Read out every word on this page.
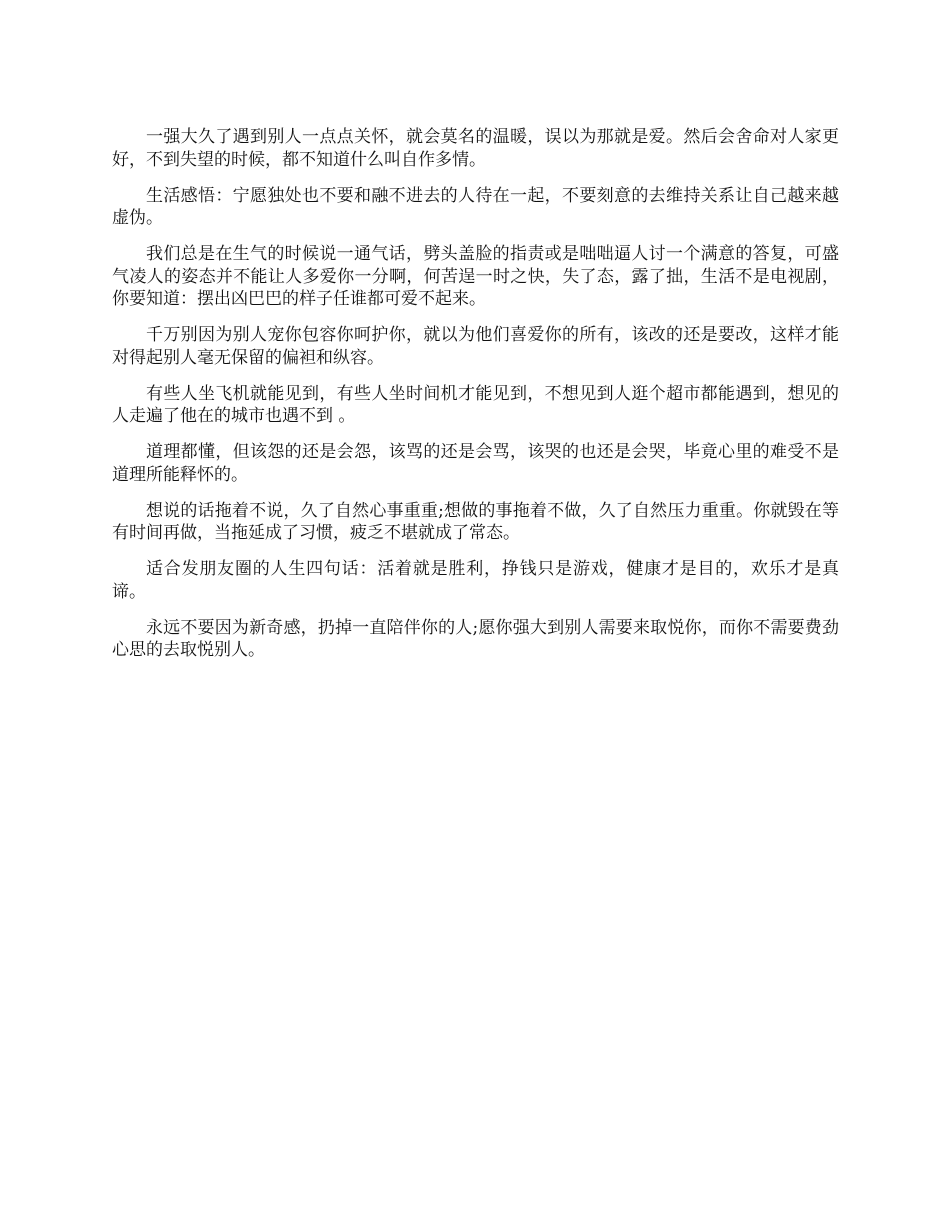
一强大久了遇到别人一点点关怀，就会莫名的温暖，误以为那就是爱。然后会舍命对人家更好，不到失望的时候，都不知道什么叫自作多情。

生活感悟：宁愿独处也不要和融不进去的人待在一起，不要刻意的去维持关系让自己越来越虚伪。

我们总是在生气的时候说一通气话，劈头盖脸的指责或是咄咄逼人讨一个满意的答复，可盛气凌人的姿态并不能让人多爱你一分啊，何苦逞一时之快，失了态，露了拙，生活不是电视剧，你要知道：摆出凶巴巴的样子任谁都可爱不起来。

千万别因为别人宠你包容你呵护你，就以为他们喜爱你的所有，该改的还是要改，这样才能对得起别人毫无保留的偏袒和纵容。

有些人坐飞机就能见到，有些人坐时间机才能见到，不想见到人逛个超市都能遇到，想见的人走遍了他在的城市也遇不到 。

道理都懂，但该怨的还是会怨，该骂的还是会骂，该哭的也还是会哭，毕竟心里的难受不是道理所能释怀的。

想说的话拖着不说，久了自然心事重重;想做的事拖着不做，久了自然压力重重。你就毁在等有时间再做，当拖延成了习惯，疲乏不堪就成了常态。

适合发朋友圈的人生四句话：活着就是胜利，挣钱只是游戏，健康才是目的，欢乐才是真谛。

永远不要因为新奇感，扔掉一直陪伴你的人;愿你强大到别人需要来取悦你，而你不需要费劲心思的去取悦别人。
